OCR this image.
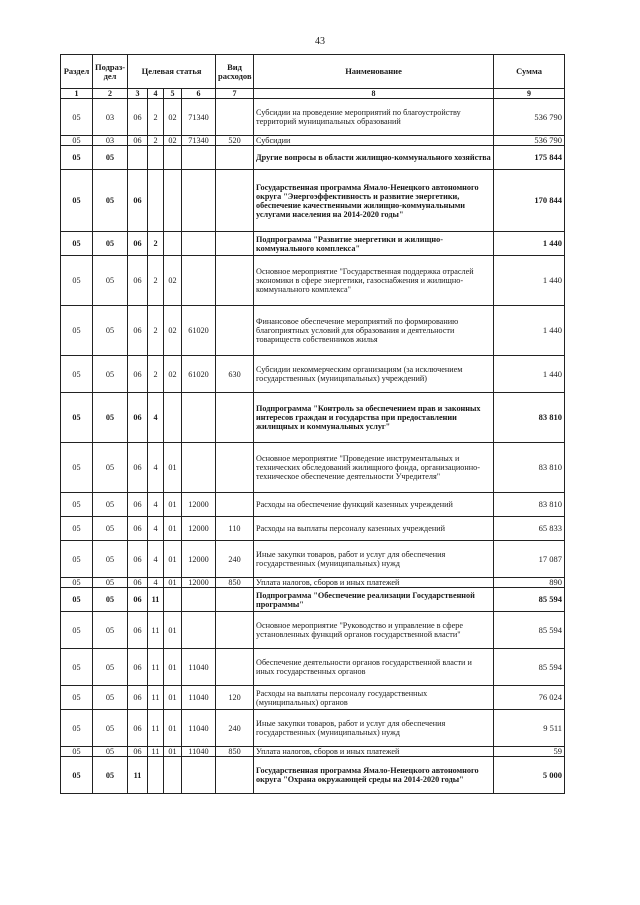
43
Раздел	Подраз-дел	Целевая статья				Вид расходов	Наименование	Сумма
1	2	3	4	5	6	7	8	9
05	03	06	2	02	71340		Субсидии на проведение мероприятий по благоустройству территорий муниципальных образований	536 790
05	03	06	2	02	71340	520	Субсидии	536 790
05	05						Другие вопросы в области жилищно-коммунального хозяйства	175 844
05	05	06					Государственная программа Ямало-Ненецкого автономного округа "Энергоэффективность и развитие энергетики, обеспечение качественными жилищно-коммунальными услугами населения на 2014-2020 годы"	170 844
05	05	06	2				Подпрограмма "Развитие энергетики и жилищно-коммунального комплекса"	1 440
05	05	06	2	02			Основное мероприятие "Государственная поддержка отраслей экономики в сфере энергетики, газоснабжения и жилищно-коммунального комплекса"	1 440
05	05	06	2	02	61020		Финансовое обеспечение мероприятий по формированию благоприятных условий для образования и деятельности товариществ собственников жилья	1 440
05	05	06	2	02	61020	630	Субсидии некоммерческим организациям (за исключением государственных (муниципальных) учреждений)	1 440
05	05	06	4				Подпрограмма "Контроль за обеспечением прав и законных интересов граждан и государства при предоставлении жилищных и коммунальных услуг"	83 810
05	05	06	4	01			Основное мероприятие "Проведение инструментальных и технических обследований жилищного фонда, организационно-техническое обеспечение деятельности Учредителя"	83 810
05	05	06	4	01	12000		Расходы на обеспечение функций казенных учреждений	83 810
05	05	06	4	01	12000	110	Расходы на выплаты персоналу казенных учреждений	65 833
05	05	06	4	01	12000	240	Иные закупки товаров, работ и услуг для обеспечения государственных (муниципальных) нужд	17 087
05	05	06	4	01	12000	850	Уплата налогов, сборов и иных платежей	890
05	05	06	11				Подпрограмма "Обеспечение реализации Государственной программы"	85 594
05	05	06	11	01			Основное мероприятие "Руководство и управление в сфере установленных функций органов государственной власти"	85 594
05	05	06	11	01	11040		Обеспечение деятельности органов государственной власти и иных государственных органов	85 594
05	05	06	11	01	11040	120	Расходы на выплаты персоналу государственных (муниципальных) органов	76 024
05	05	06	11	01	11040	240	Иные закупки товаров, работ и услуг для обеспечения государственных (муниципальных) нужд	9 511
05	05	06	11	01	11040	850	Уплата налогов, сборов и иных платежей	59
05	05	11					Государственная программа Ямало-Ненецкого автономного округа "Охрана окружающей среды на 2014-2020 годы"	5 000
